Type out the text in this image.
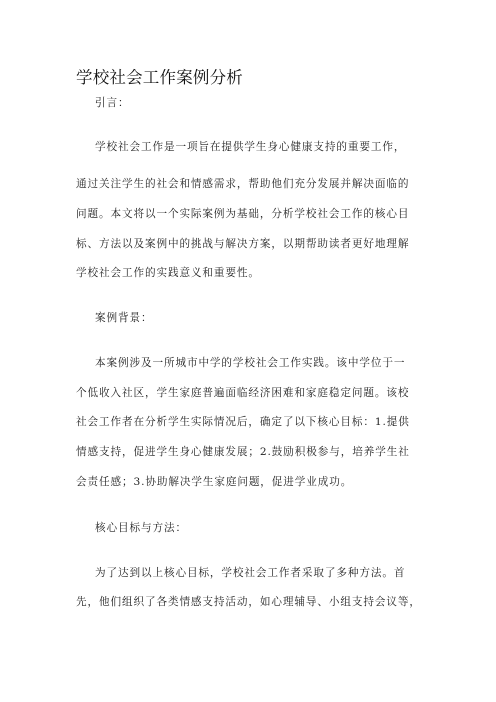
学校社会工作案例分析
引言：
学校社会工作是一项旨在提供学生身心健康支持的重要工作，
通过关注学生的社会和情感需求，帮助他们充分发展并解决面临的
问题。本文将以一个实际案例为基础，分析学校社会工作的核心目
标、方法以及案例中的挑战与解决方案，以期帮助读者更好地理解
学校社会工作的实践意义和重要性。
案例背景：
本案例涉及一所城市中学的学校社会工作实践。该中学位于一
个低收入社区，学生家庭普遍面临经济困难和家庭稳定问题。该校
社会工作者在分析学生实际情况后，确定了以下核心目标：1.提供
情感支持，促进学生身心健康发展；2.鼓励积极参与，培养学生社
会责任感；3.协助解决学生家庭问题，促进学业成功。
核心目标与方法：
为了达到以上核心目标，学校社会工作者采取了多种方法。首
先，他们组织了各类情感支持活动，如心理辅导、小组支持会议等，
